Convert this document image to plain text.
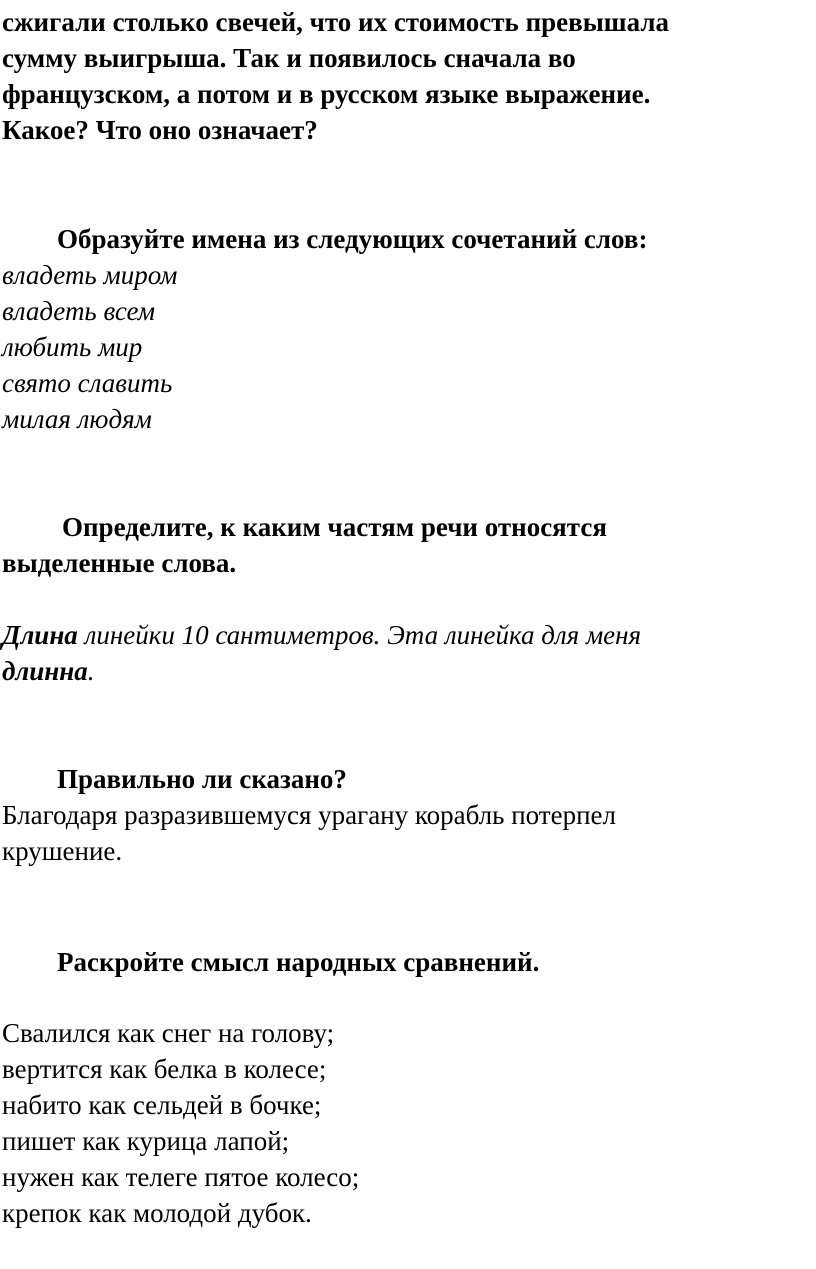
сжигали столько свечей, что их стоимость превышала
сумму выигрыша. Так и появилось сначала во
французском, а потом и в русском языке выражение.
Какое? Что оно означает?
Образуйте имена из следующих сочетаний слов:
владеть миром
владеть всем
любить мир
свято славить
милая людям
Определите, к каким частям речи относятся
выделенные слова.
Длина линейки 10 сантиметров. Эта линейка для меня
длинна.
Правильно ли сказано?
Благодаря разразившемуся урагану корабль потерпел
крушение.
Раскройте смысл народных сравнений.
Свалился как снег на голову;
вертится как белка в колесе;
набито как сельдей в бочке;
пишет как курица лапой;
нужен как телеге пятое колесо;
крепок как молодой дубок.
